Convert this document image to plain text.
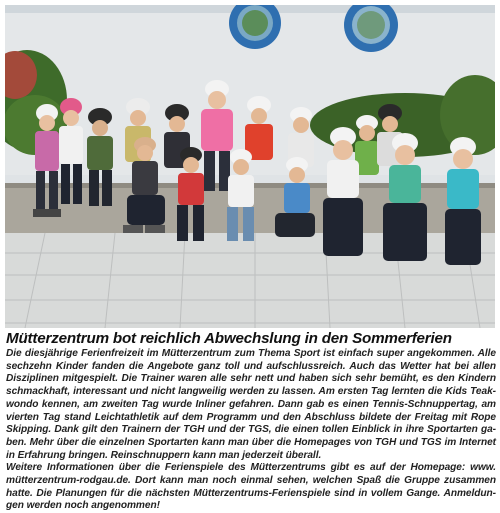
Mütterzentrum bot reichlich Abwechslung in den Sommerferien

Die diesjährige Ferienfreizeit im Mütterzentrum zum Thema Sport ist einfach super angekommen. Alle
sechzehn Kinder fanden die Angebote ganz toll und aufschlussreich. Auch das Wetter hat bei allen
Disziplinen mitgespielt. Die Trainer waren alle sehr nett und haben sich sehr bemüht, es den Kindern
schmackhaft, interessant und nicht langweilig werden zu lassen. Am ersten Tag lernten die Kids Teak-
wondo kennen, am zweiten Tag wurde Inliner gefahren. Dann gab es einen Tennis-Schnuppertag, am
vierten Tag stand Leichtathletik auf dem Programm und den Abschluss bildete der Freitag mit Rope
Skipping. Dank gilt den Trainern der TGH und der TGS, die einen tollen Einblick in ihre Sportarten ga-
ben. Mehr über die einzelnen Sportarten kann man über die Homepages von TGH und TGS im Internet
in Erfahrung bringen. Reinschnuppern kann man jederzeit überall.
Weitere Informationen über die Ferienspiele des Mütterzentrums gibt es auf der Homepage: www.
mütterzentrum-rodgau.de. Dort kann man noch einmal sehen, welchen Spaß die Gruppe zusammen
hatte. Die Planungen für die nächsten Mütterzentrums-Ferienspiele sind in vollem Gange. Anmeldun-
gen werden noch angenommen!
